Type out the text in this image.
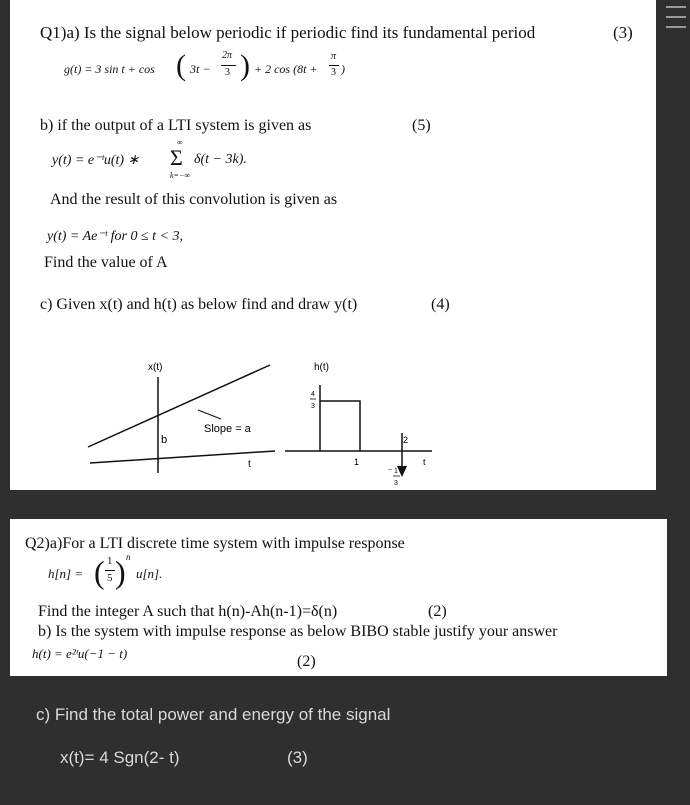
Q1)a) Is the signal below periodic if periodic find its fundamental period	(3)
g(t) = 3 sin t + cos ( 3t −
2π
3 ) + 2 cos (8t +
π
3 )
b) if the output of a LTI system is given as	(5)
y(t) = e⁻ᵗu(t) ∗
∞
Σ
k=−∞
δ(t − 3k).
And the result of this convolution is given as
y(t) = Ae⁻ᵗ for 0 ≤ t < 3,
Find the value of A
c) Given x(t) and h(t) as below find and draw y(t)	(4)
x(t)
b
Slope = a
t
h(t)
4
3
1
2
− 1
3
t
Q2)a)For a LTI discrete time system with impulse response
h[n] = ( 1
5 ) n
u[n].
Find the integer A such that h(n)-Ah(n-1)=δ(n)	(2)
b) Is the system with impulse response as below BIBO stable justify your answer
h(t) = e²ᵗu(−1 − t)	(2)
c) Find the total power and energy of the signal
x(t)= 4 Sgn(2- t)	(3)
